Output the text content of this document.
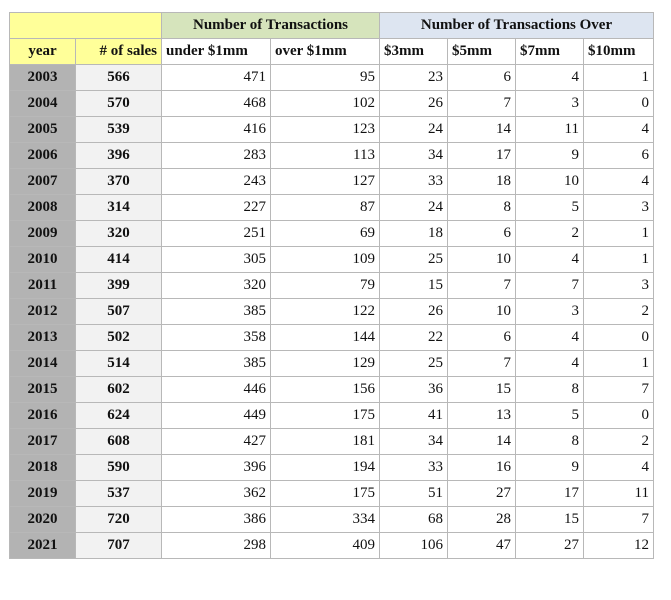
		Number of Transactions		Number of Transactions Over			
year	# of sales	under $1mm	over $1mm	$3mm	$5mm	$7mm	$10mm
2003	566	471	95	23	6	4	1
2004	570	468	102	26	7	3	0
2005	539	416	123	24	14	11	4
2006	396	283	113	34	17	9	6
2007	370	243	127	33	18	10	4
2008	314	227	87	24	8	5	3
2009	320	251	69	18	6	2	1
2010	414	305	109	25	10	4	1
2011	399	320	79	15	7	7	3
2012	507	385	122	26	10	3	2
2013	502	358	144	22	6	4	0
2014	514	385	129	25	7	4	1
2015	602	446	156	36	15	8	7
2016	624	449	175	41	13	5	0
2017	608	427	181	34	14	8	2
2018	590	396	194	33	16	9	4
2019	537	362	175	51	27	17	11
2020	720	386	334	68	28	15	7
2021	707	298	409	106	47	27	12
